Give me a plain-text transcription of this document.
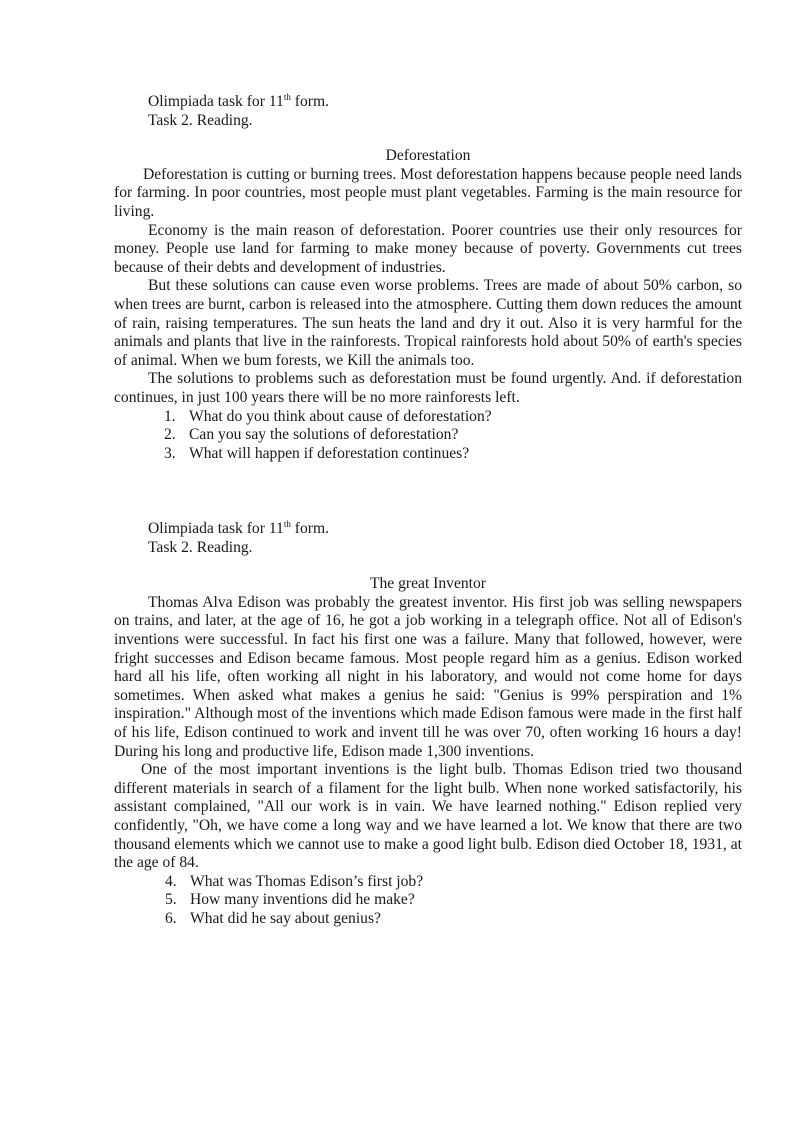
Olimpiada task for 11th form.
Task 2. Reading.
Deforestation

Deforestation is cutting or burning trees. Most deforestation happens because people need lands for farming. In poor countries, most people must plant vegetables. Farming is the main resource for living.

Economy is the main reason of deforestation. Poorer countries use their only resources for money. People use land for farming to make money because of poverty. Governments cut trees because of their debts and development of industries.

But these solutions can cause even worse problems. Trees are made of about 50% carbon, so when trees are burnt, carbon is released into the atmosphere. Cutting them down reduces the amount of rain, raising temperatures. The sun heats the land and dry it out. Also it is very harmful for the animals and plants that live in the rainforests. Tropical rainforests hold about 50% of earth's species of animal. When we bum forests, we Kill the animals too.

The solutions to problems such as deforestation must be found urgently. And. if deforestation continues, in just 100 years there will be no more rainforests left.

1. What do you think about cause of deforestation?
2. Can you say the solutions of deforestation?
3. What will happen if deforestation continues?
Olimpiada task for 11th form.
Task 2. Reading.
The great Inventor

Thomas Alva Edison was probably the greatest inventor. His first job was selling newspapers on trains, and later, at the age of 16, he got a job working in a telegraph office. Not all of Edison's inventions were successful. In fact his first one was a failure. Many that followed, however, were fright successes and Edison became famous. Most people regard him as a genius. Edison worked hard all his life, often working all night in his laboratory, and would not come home for days sometimes. When asked what makes a genius he said: "Genius is 99% perspiration and 1% inspiration." Although most of the inventions which made Edison famous were made in the first half of his life, Edison continued to work and invent till he was over 70, often working 16 hours a day! During his long and productive life, Edison made 1,300 inventions.

One of the most important inventions is the light bulb. Thomas Edison tried two thousand different materials in search of a filament for the light bulb. When none worked satisfactorily, his assistant complained, "All our work is in vain. We have learned nothing." Edison replied very confidently, "Oh, we have come a long way and we have learned a lot. We know that there are two thousand elements which we cannot use to make a good light bulb. Edison died October 18, 1931, at the age of 84.

4. What was Thomas Edison’s first job?
5. How many inventions did he make?
6. What did he say about genius?
